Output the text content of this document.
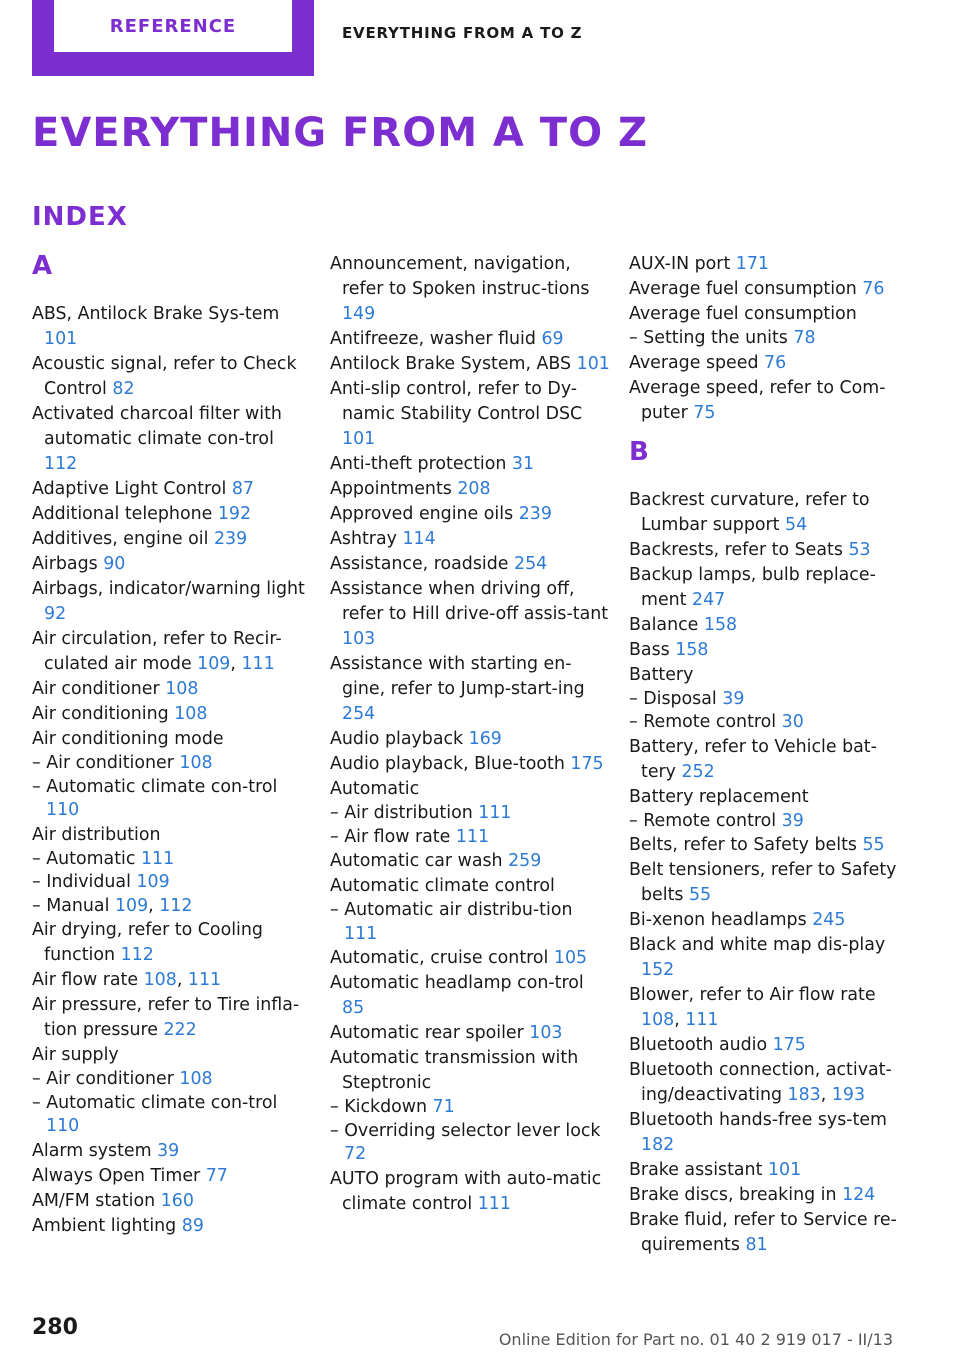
REFERENCE	EVERYTHING FROM A TO Z
EVERYTHING FROM A TO Z
INDEX
A
ABS, Antilock Brake Sys-tem 101
Acoustic signal, refer to Check Control 82
Activated charcoal filter with automatic climate con-trol 112
Adaptive Light Control 87
Additional telephone 192
Additives, engine oil 239
Airbags 90
Airbags, indicator/warning light 92
Air circulation, refer to Recir-culated air mode 109, 111
Air conditioner 108
Air conditioning 108
Air conditioning mode
– Air conditioner 108
– Automatic climate con-trol 110
Air distribution
– Automatic 111
– Individual 109
– Manual 109, 112
Air drying, refer to Cooling function 112
Air flow rate 108, 111
Air pressure, refer to Tire infla-tion pressure 222
Air supply
– Air conditioner 108
– Automatic climate con-trol 110
Alarm system 39
Always Open Timer 77
AM/FM station 160
Ambient lighting 89
Announcement, navigation, refer to Spoken instruc-tions 149
Antifreeze, washer fluid 69
Antilock Brake System, ABS 101
Anti-slip control, refer to Dy-namic Stability Control DSC 101
Anti-theft protection 31
Appointments 208
Approved engine oils 239
Ashtray 114
Assistance, roadside 254
Assistance when driving off, refer to Hill drive-off assis-tant 103
Assistance with starting en-gine, refer to Jump-start-ing 254
Audio playback 169
Audio playback, Blue-tooth 175
Automatic
– Air distribution 111
– Air flow rate 111
Automatic car wash 259
Automatic climate control
– Automatic air distribu-tion 111
Automatic, cruise control 105
Automatic headlamp con-trol 85
Automatic rear spoiler 103
Automatic transmission with Steptronic
– Kickdown 71
– Overriding selector lever lock 72
AUTO program with auto-matic climate control 111
AUX-IN port 171
Average fuel consumption 76
Average fuel consumption
– Setting the units 78
Average speed 76
Average speed, refer to Com-puter 75
B
Backrest curvature, refer to Lumbar support 54
Backrests, refer to Seats 53
Backup lamps, bulb replace-ment 247
Balance 158
Bass 158
Battery
– Disposal 39
– Remote control 30
Battery, refer to Vehicle bat-tery 252
Battery replacement
– Remote control 39
Belts, refer to Safety belts 55
Belt tensioners, refer to Safety belts 55
Bi-xenon headlamps 245
Black and white map dis-play 152
Blower, refer to Air flow rate 108, 111
Bluetooth audio 175
Bluetooth connection, activat-ing/deactivating 183, 193
Bluetooth hands-free sys-tem 182
Brake assistant 101
Brake discs, breaking in 124
Brake fluid, refer to Service re-quirements 81
280	Online Edition for Part no. 01 40 2 919 017 - II/13
